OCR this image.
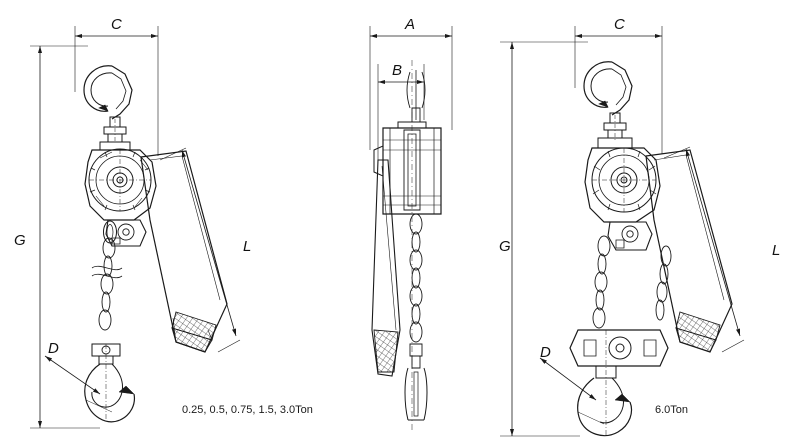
C
G
D
L
A
B
C
G
D
L
0.25, 0.5, 0.75, 1.5, 3.0Ton	6.0Ton
